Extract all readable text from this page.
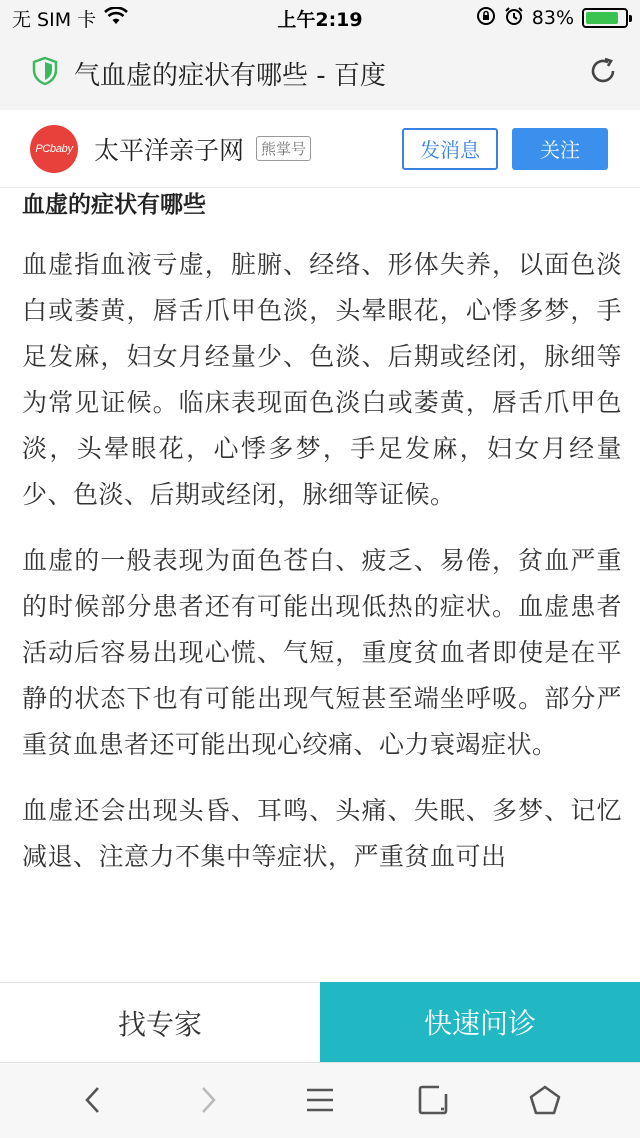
无 SIM 卡	上午2:19	83%
气血虚的症状有哪些 - 百度
PCbaby 太平洋亲子网	熊掌号	发消息	关注
血虚的症状有哪些

血虚指血液亏虚，脏腑、经络、形体失养，以面色淡白或萎黄，唇舌爪甲色淡，头晕眼花，心悸多梦，手足发麻，妇女月经量少、色淡、后期或经闭，脉细等为常见证候。临床表现面色淡白或萎黄，唇舌爪甲色淡，头晕眼花，心悸多梦，手足发麻，妇女月经量少、色淡、后期或经闭，脉细等证候。

血虚的一般表现为面色苍白、疲乏、易倦，贫血严重的时候部分患者还有可能出现低热的症状。血虚患者活动后容易出现心慌、气短，重度贫血者即使是在平静的状态下也有可能出现气短甚至端坐呼吸。部分严重贫血患者还可能出现心绞痛、心力衰竭症状。

血虚还会出现头昏、耳鸣、头痛、失眠、多梦、记忆减退、注意力不集中等症状，严重贫血可出

找专家	快速问诊
